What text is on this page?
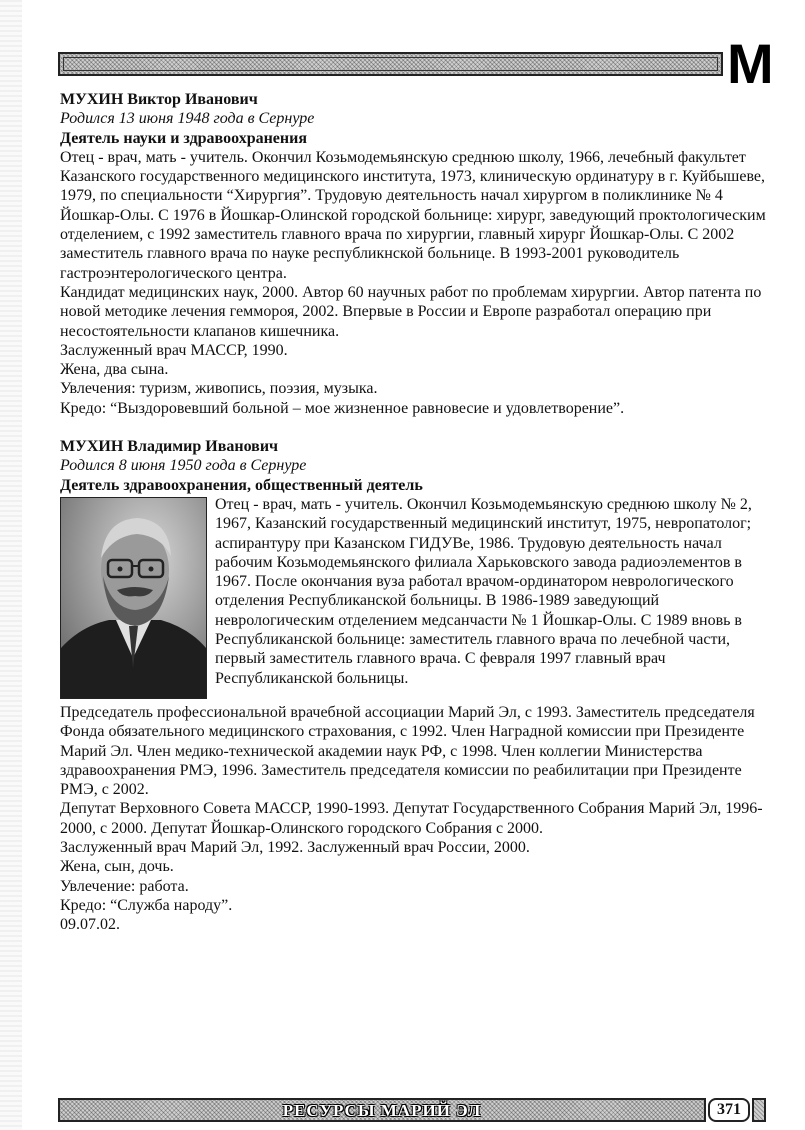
M
МУХИН Виктор Иванович
Родился 13 июня 1948 года в Сернуре
Деятель науки и здравоохранения

Отец - врач, мать - учитель. Окончил Козьмодемьянскую среднюю школу, 1966, лечебный факультет Казанского государственного медицинского института, 1973, клиническую ординатуру в г. Куйбышеве, 1979, по специальности “Хирургия”. Трудовую деятельность начал хирургом в поликлинике № 4 Йошкар-Олы. С 1976 в Йошкар-Олинской городской больнице: хирург, заведующий проктологическим отделением, с 1992 заместитель главного врача по хирургии, главный хирург Йошкар-Олы. С 2002 заместитель главного врача по науке республикнской больнице. В 1993-2001 руководитель гастроэнтерологического центра.

Кандидат медицинских наук, 2000. Автор 60 научных работ по проблемам хирургии. Автор патента по новой методике лечения геммороя, 2002. Впервые в России и Европе разработал операцию при несостоятельности клапанов кишечника.

Заслуженный врач МАССР, 1990.

Жена, два сына.

Увлечения: туризм, живопись, поэзия, музыка.

Кредо: “Выздоровевший больной – мое жизненное равновесие и удовлетворение”.

МУХИН Владимир Иванович
Родился 8 июня 1950 года в Сернуре
Деятель здравоохранения, общественный деятель

Отец - врач, мать - учитель. Окончил Козьмодемьянскую среднюю школу № 2, 1967, Казанский государственный медицинский институт, 1975, невропатолог; аспирантуру при Казанском ГИДУВе, 1986. Трудовую деятельность начал рабочим Козьмодемьянского филиала Харьковского завода радиоэлементов в 1967. После окончания вуза работал врачом-ординатором неврологического отделения Республиканской больницы. В 1986-1989 заведующий неврологическим отделением медсанчасти № 1 Йошкар-Олы. С 1989 вновь в Республиканской больнице: заместитель главного врача по лечебной части, первый заместитель главного врача. С февраля 1997 главный врач Республиканской больницы.

Председатель профессиональной врачебной ассоциации Марий Эл, с 1993. Заместитель председателя Фонда обязательного медицинского страхования, с 1992. Член Наградной комиссии при Президенте Марий Эл. Член медико-технической академии наук РФ, с 1998. Член коллегии Министерства здравоохранения РМЭ, 1996. Заместитель председателя комиссии по реабилитации при Президенте РМЭ, с 2002.

Депутат Верховного Совета МАССР, 1990-1993. Депутат Государственного Собрания Марий Эл, 1996-2000, с 2000. Депутат Йошкар-Олинского городского Собрания с 2000.

Заслуженный врач Марий Эл, 1992. Заслуженный врач России, 2000.

Жена, сын, дочь.

Увлечение: работа.

Кредо: “Служба народу”.

09.07.02.

РЕСУРСЫ МАРИЙ ЭЛ	371
